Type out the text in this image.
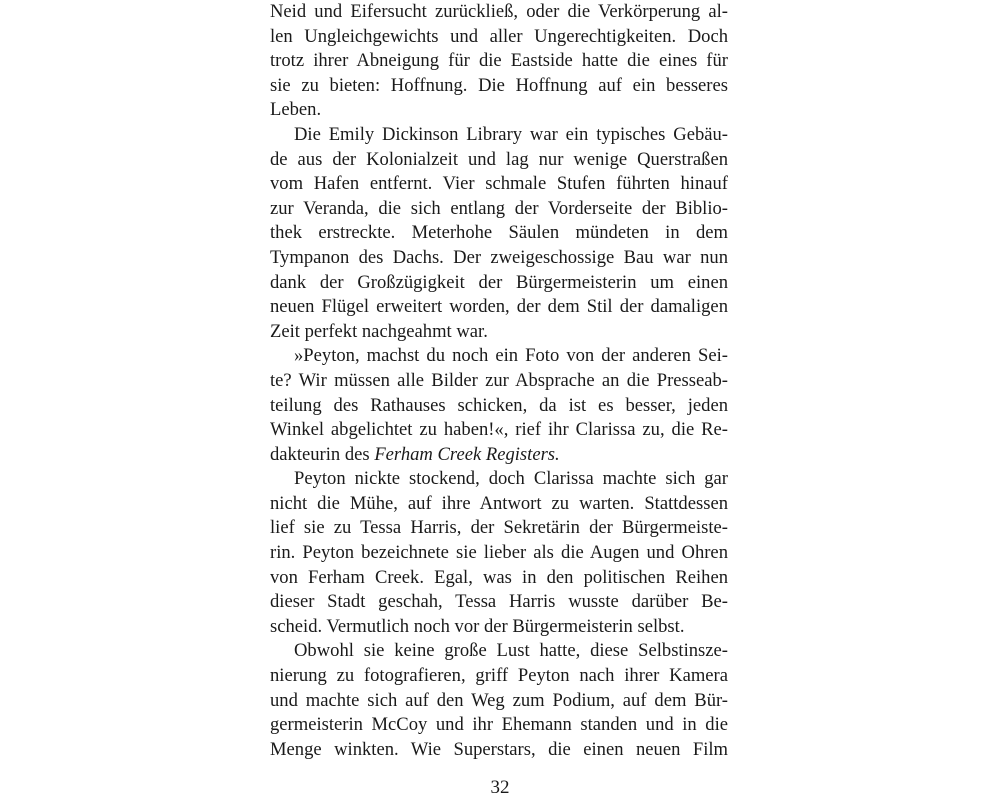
Neid und Eifersucht zurückließ, oder die Verkörperung al-
len Ungleichgewichts und aller Ungerechtigkeiten. Doch
trotz ihrer Abneigung für die Eastside hatte die eines für
sie zu bieten: Hoffnung. Die Hoffnung auf ein besseres
Leben.
Die Emily Dickinson Library war ein typisches Gebäu-
de aus der Kolonialzeit und lag nur wenige Querstraßen
vom Hafen entfernt. Vier schmale Stufen führten hinauf
zur Veranda, die sich entlang der Vorderseite der Biblio-
thek erstreckte. Meterhohe Säulen mündeten in dem
Tympanon des Dachs. Der zweigeschossige Bau war nun
dank der Großzügigkeit der Bürgermeisterin um einen
neuen Flügel erweitert worden, der dem Stil der damaligen
Zeit perfekt nachgeahmt war.
»Peyton, machst du noch ein Foto von der anderen Sei-
te? Wir müssen alle Bilder zur Absprache an die Presseab-
teilung des Rathauses schicken, da ist es besser, jeden
Winkel abgelichtet zu haben!«, rief ihr Clarissa zu, die Re-
dakteurin des Ferham Creek Registers.
Peyton nickte stockend, doch Clarissa machte sich gar
nicht die Mühe, auf ihre Antwort zu warten. Stattdessen
lief sie zu Tessa Harris, der Sekretärin der Bürgermeiste-
rin. Peyton bezeichnete sie lieber als die Augen und Ohren
von Ferham Creek. Egal, was in den politischen Reihen
dieser Stadt geschah, Tessa Harris wusste darüber Be-
scheid. Vermutlich noch vor der Bürgermeisterin selbst.
Obwohl sie keine große Lust hatte, diese Selbstinsze-
nierung zu fotografieren, griff Peyton nach ihrer Kamera
und machte sich auf den Weg zum Podium, auf dem Bür-
germeisterin McCoy und ihr Ehemann standen und in die
Menge winkten. Wie Superstars, die einen neuen Film
32
